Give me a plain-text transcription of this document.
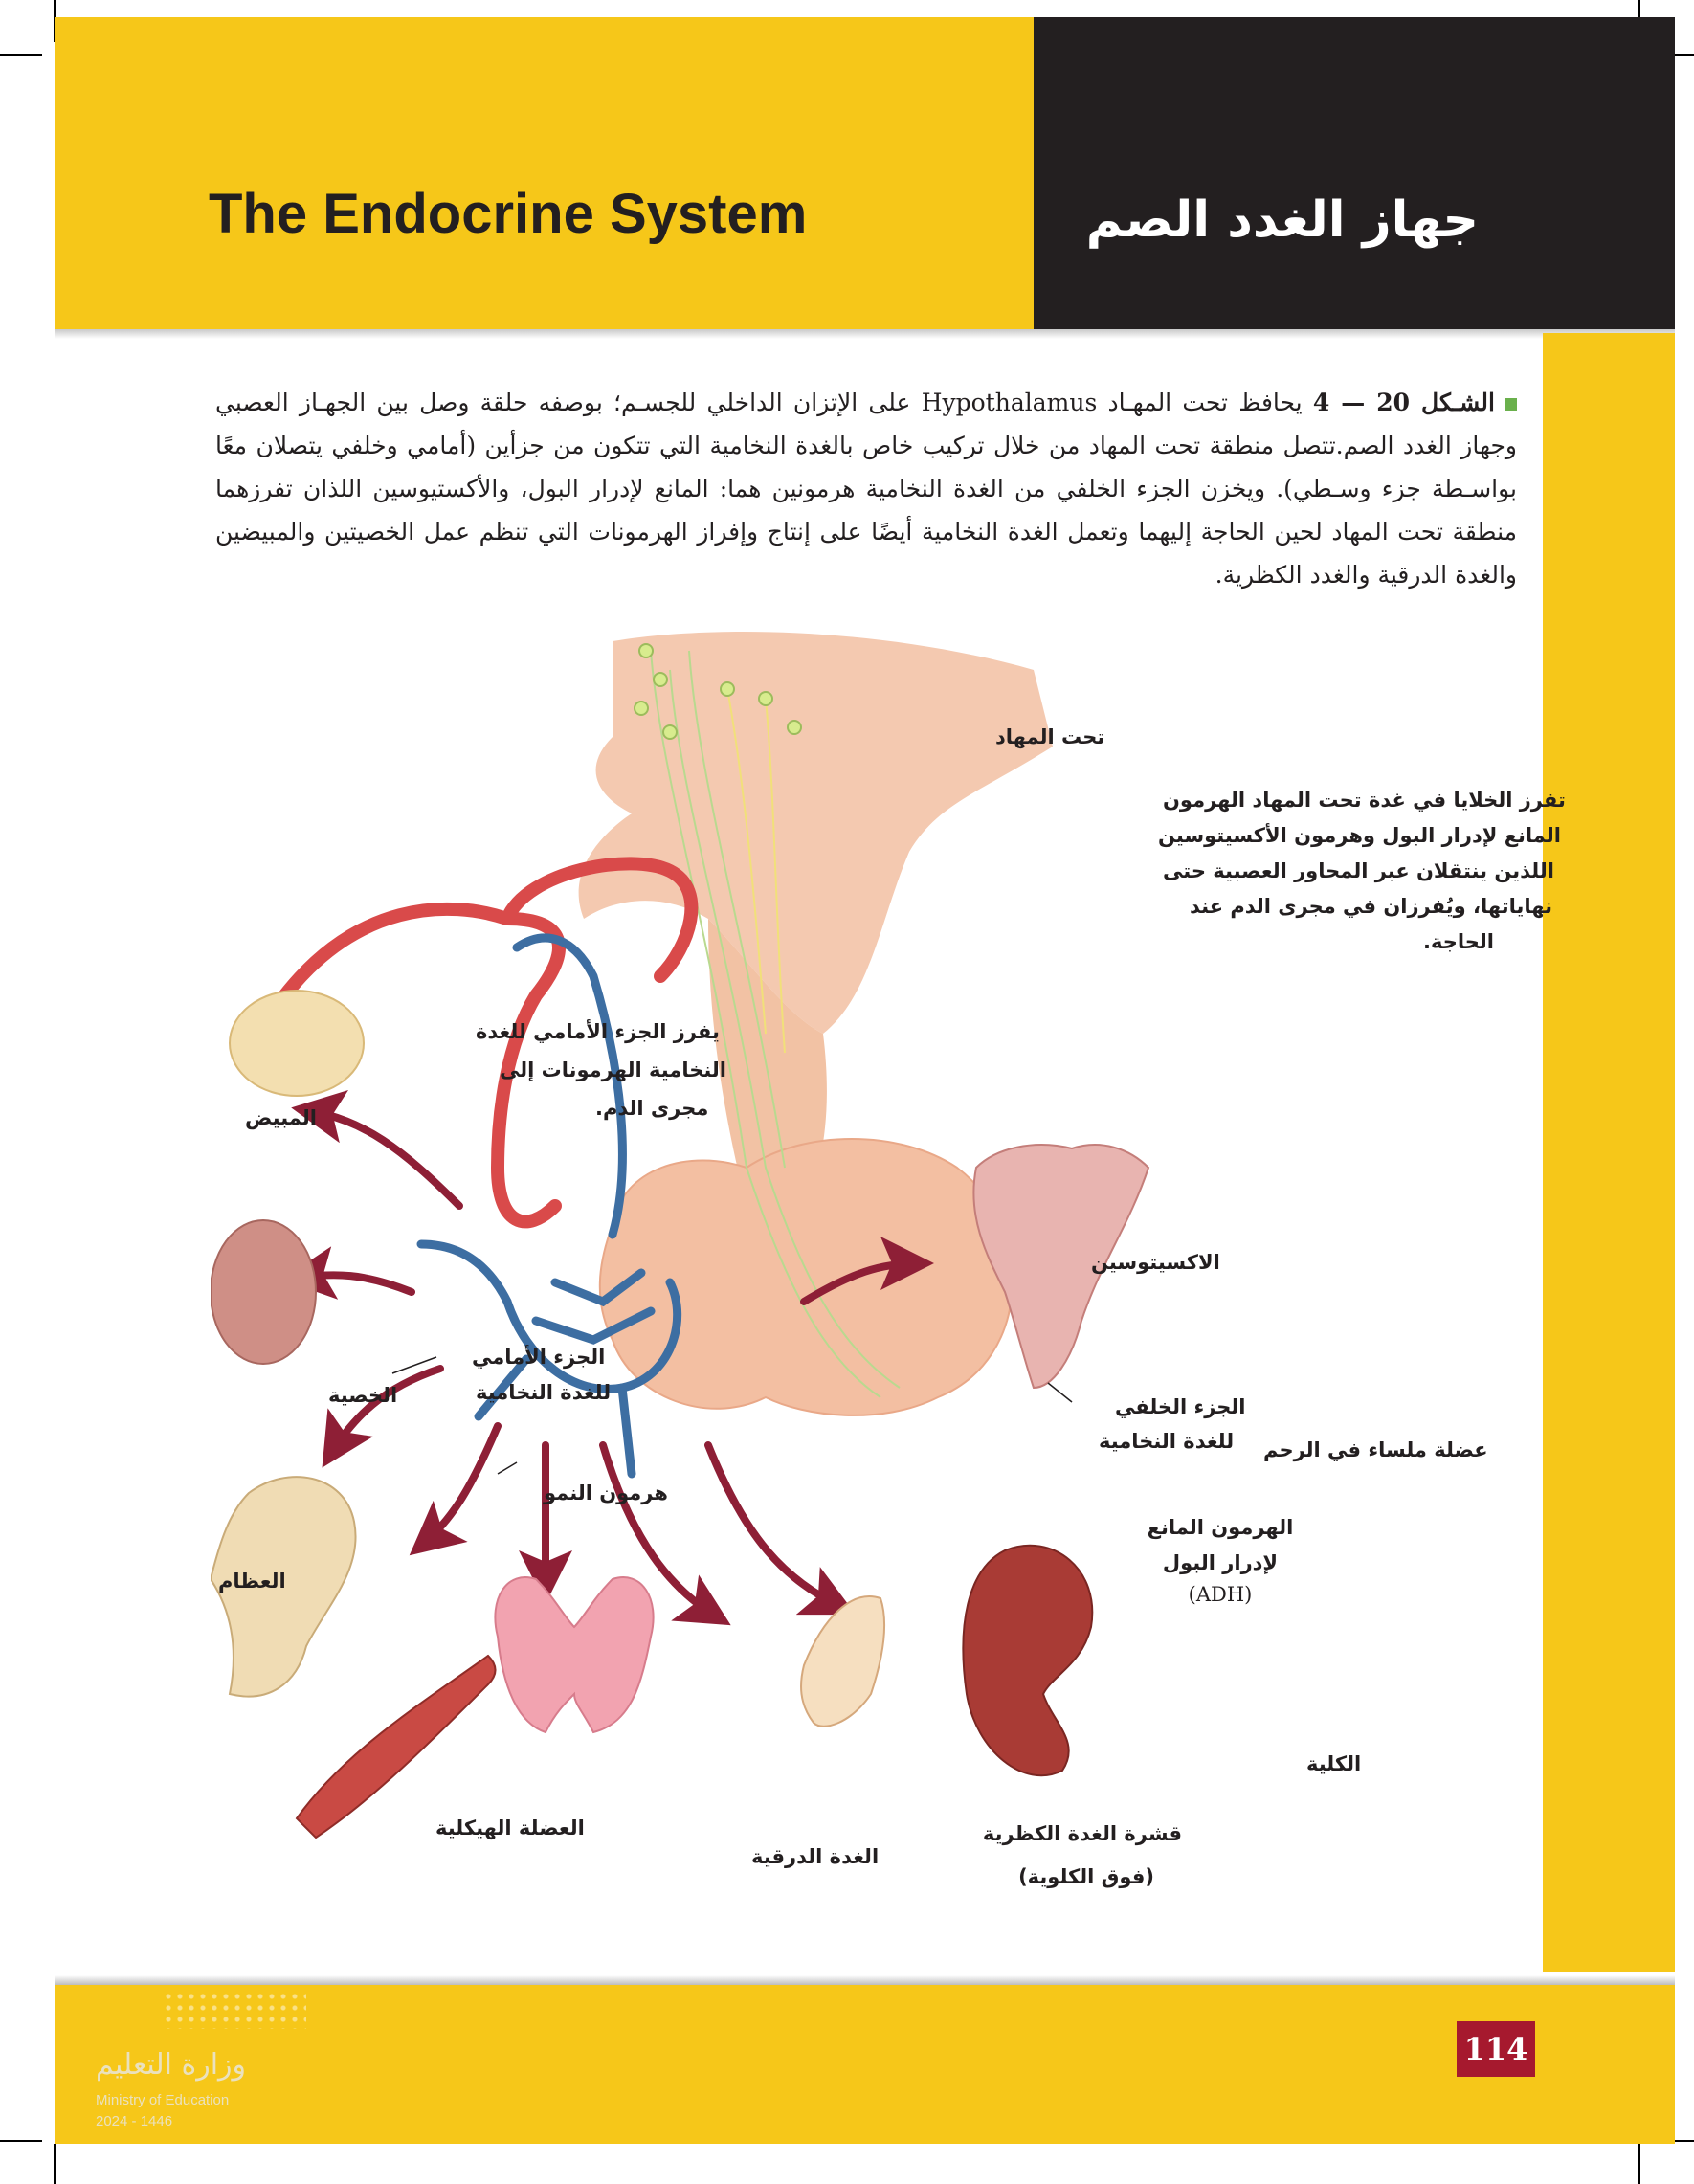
The Endocrine System	جهاز الغدد الصم
الشـكل 20 — 4 يحافظ تحت المهـاد Hypothalamus على الإتزان الداخلي للجسـم؛ بوصفه حلقة وصل بين الجهـاز العصبي وجهاز الغدد الصم.تتصل منطقة تحت المهاد من خلال تركيب خاص بالغدة النخامية التي تتكون من جزأين (أمامي وخلفي يتصلان معًا بواسـطة جزء وسـطي). ويخزن الجزء الخلفي من الغدة النخامية هرمونين هما: المانع لإدرار البول، والأكستيوسين اللذان تفرزهما منطقة تحت المهاد لحين الحاجة إليهما وتعمل الغدة النخامية أيضًا على إنتاج وإفراز الهرمونات التي تنظم عمل الخصيتين والمبيضين والغدة الدرقية والغدد الكظرية.
تحت المهاد
تفرز الخلايا في غدة تحت المهاد الهرمون
المانع لإدرار البول وهرمون الأكسيتوسين
اللذين ينتقلان عبر المحاور العصبية حتى
نهاياتها، ويُفرزان في مجرى الدم عند
الحاجة.
يفرز الجزء الأمامي للغدة
النخامية الهرمونات إلى
مجرى الدم.
المبيض
الخصية
الجزء الأمامي
للغدة النخامية
هرمون النمو
العظام
العضلة الهيكلية
الغدة الدرقية
قشرة الغدة الكظرية
(فوق الكلوية)
الكلية
الهرمون المانع
لإدرار البول
(ADH)
الجزء الخلفي
للغدة النخامية
الاكسيتوسين
عضلة ملساء في الرحم
وزارة التعليم
Ministry of Education
2024 - 1446
114
